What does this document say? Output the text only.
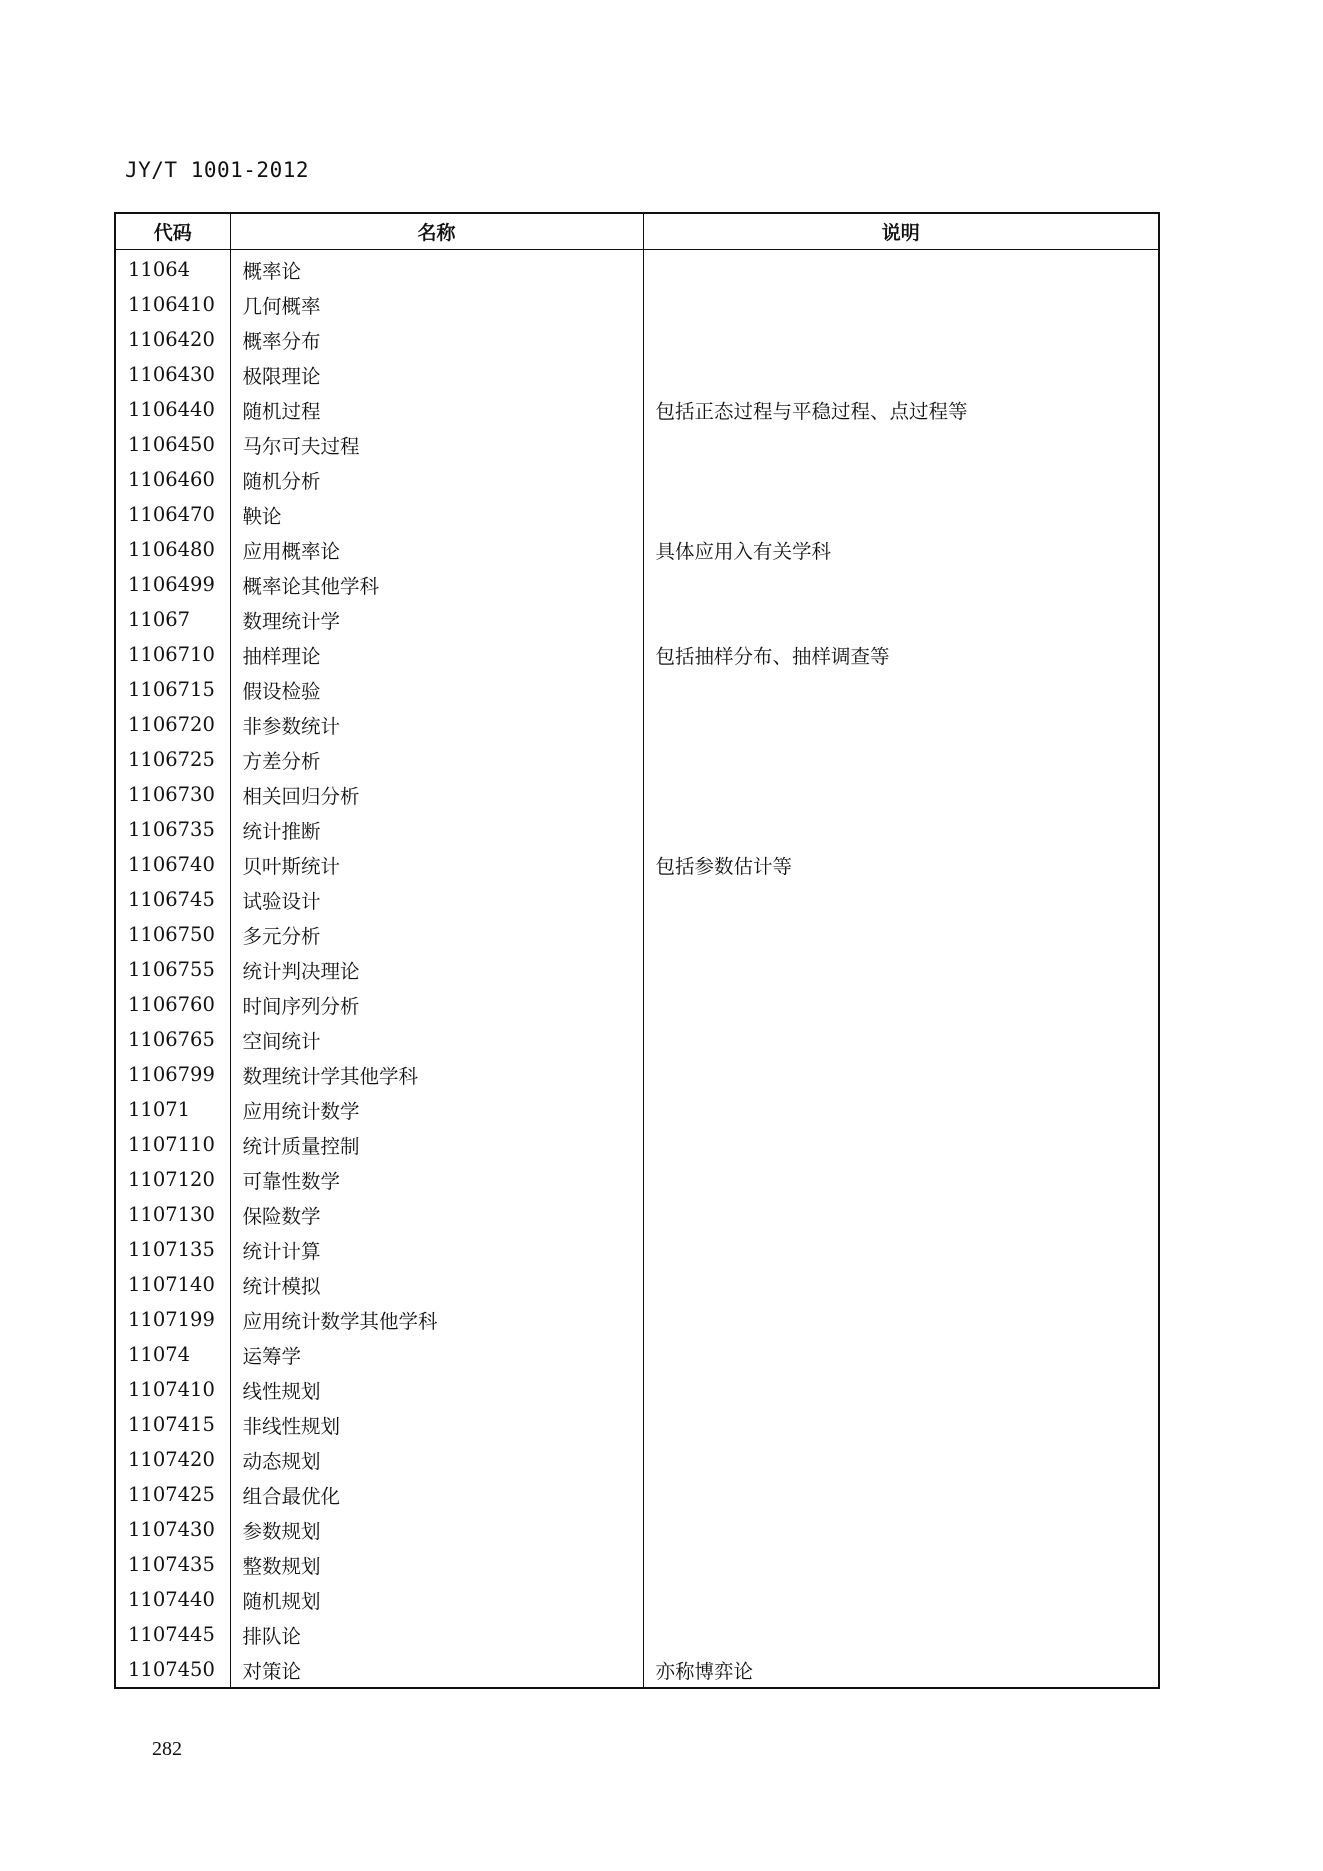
JY/T 1001-2012
代码	名称	说明
11064	概率论	
1106410	几何概率	
1106420	概率分布	
1106430	极限理论	
1106440	随机过程	包括正态过程与平稳过程、点过程等
1106450	马尔可夫过程	
1106460	随机分析	
1106470	鞅论	
1106480	应用概率论	具体应用入有关学科
1106499	概率论其他学科	
11067	数理统计学	
1106710	抽样理论	包括抽样分布、抽样调查等
1106715	假设检验	
1106720	非参数统计	
1106725	方差分析	
1106730	相关回归分析	
1106735	统计推断	
1106740	贝叶斯统计	包括参数估计等
1106745	试验设计	
1106750	多元分析	
1106755	统计判决理论	
1106760	时间序列分析	
1106765	空间统计	
1106799	数理统计学其他学科	
11071	应用统计数学	
1107110	统计质量控制	
1107120	可靠性数学	
1107130	保险数学	
1107135	统计计算	
1107140	统计模拟	
1107199	应用统计数学其他学科	
11074	运筹学	
1107410	线性规划	
1107415	非线性规划	
1107420	动态规划	
1107425	组合最优化	
1107430	参数规划	
1107435	整数规划	
1107440	随机规划	
1107445	排队论	
1107450	对策论	亦称博弈论
282
